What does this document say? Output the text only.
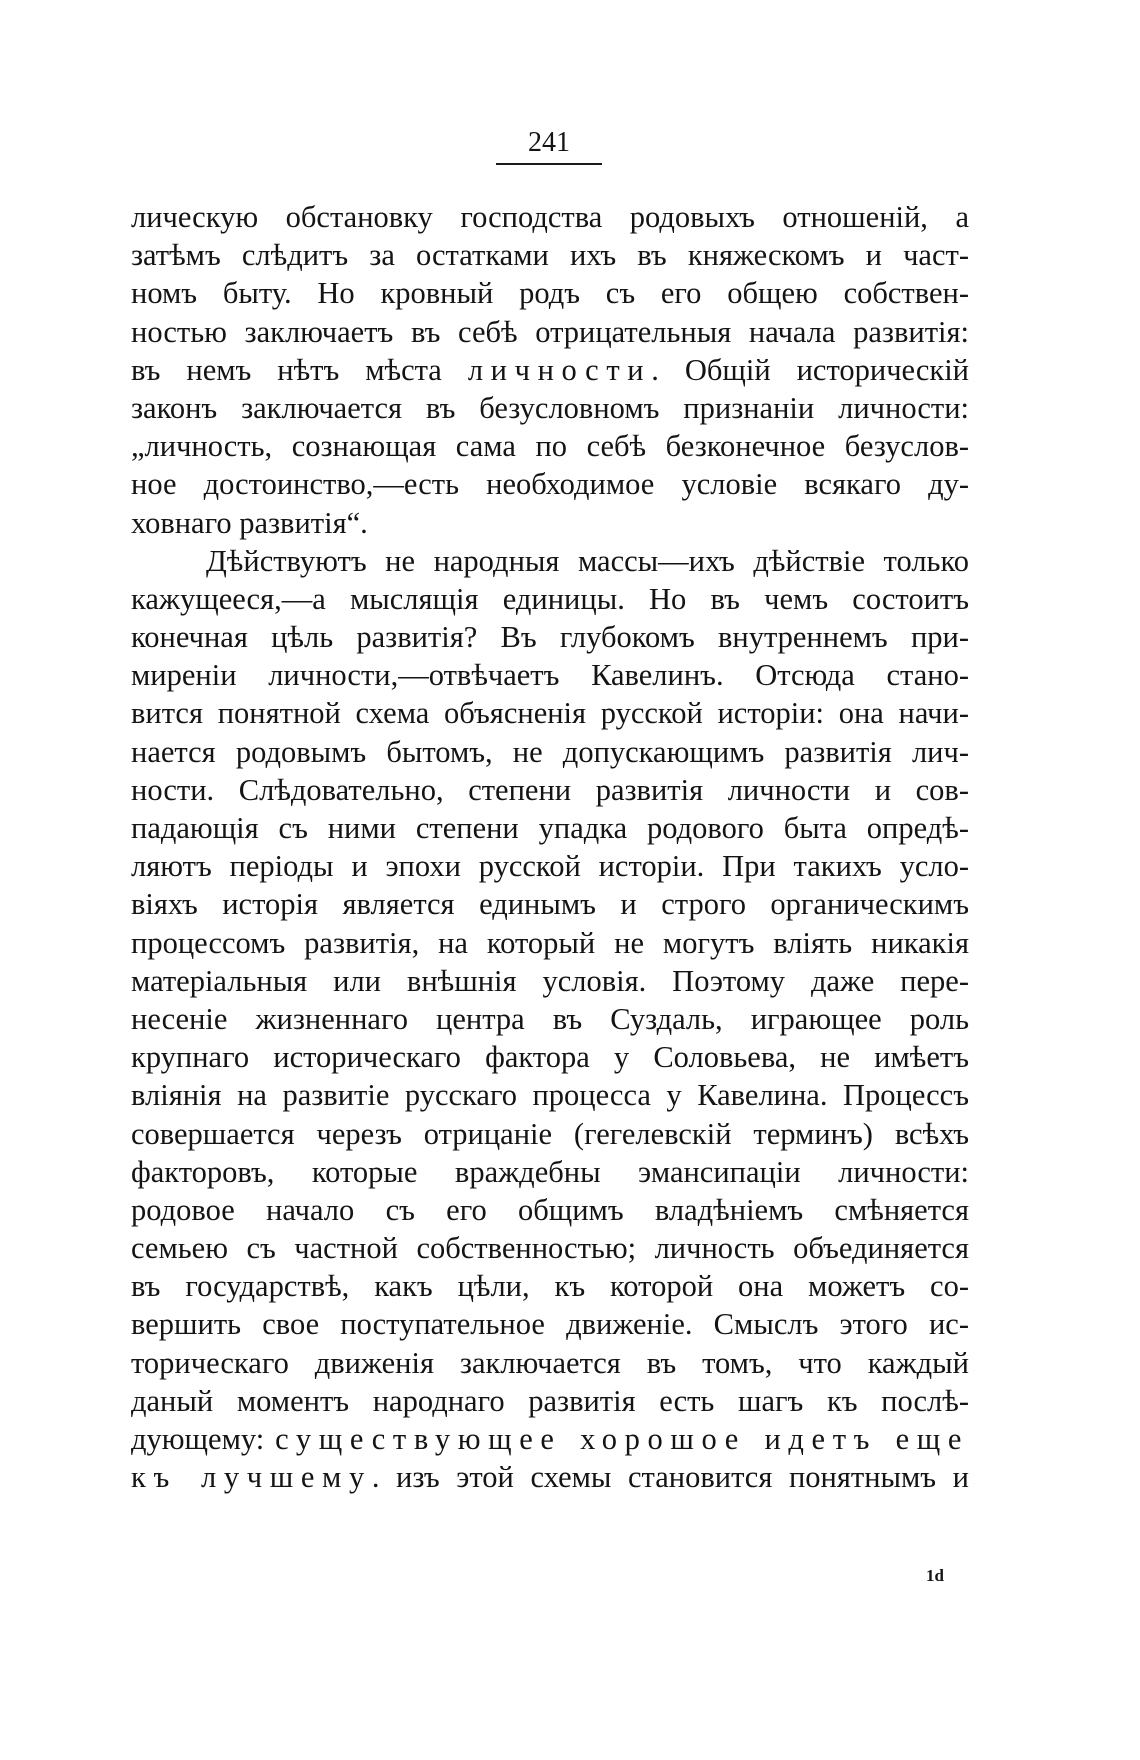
241
лическую обстановку господства родовыхъ отношеній, а
затѣмъ слѣдитъ за остатками ихъ въ княжескомъ и част-
номъ быту. Но кровный родъ съ его общею собствен-
ностью заключаетъ въ себѣ отрицательныя начала развитія:
въ немъ нѣтъ мѣста личности. Общій историческій
законъ заключается въ безусловномъ признаніи личности:
„личность, сознающая сама по себѣ безконечное безуслов-
ное достоинство,—есть необходимое условіе всякаго ду-
ховнаго развитія“.
Дѣйствуютъ не народныя массы—ихъ дѣйствіе только
кажущееся,—а мыслящія единицы. Но въ чемъ состоитъ
конечная цѣль развитія? Въ глубокомъ внутреннемъ при-
миреніи личности,—отвѣчаетъ Кавелинъ. Отсюда стано-
вится понятной схема объясненія русской исторіи: она начи-
нается родовымъ бытомъ, не допускающимъ развитія лич-
ности. Слѣдовательно, степени развитія личности и сов-
падающія съ ними степени упадка родового быта опредѣ-
ляютъ періоды и эпохи русской исторіи. При такихъ усло-
віяхъ исторія является единымъ и строго органическимъ
процессомъ развитія, на который не могутъ вліять никакія
матеріальныя или внѣшнія условія. Поэтому даже пере-
несеніе жизненнаго центра въ Суздаль, играющее роль
крупнаго историческаго фактора у Соловьева, не имѣетъ
вліянія на развитіе русскаго процесса у Кавелина. Процессъ
совершается черезъ отрицаніе (гегелевскій терминъ) всѣхъ
факторовъ, которые враждебны эмансипаціи личности:
родовое начало съ его общимъ владѣніемъ смѣняется
семьею съ частной собственностью; личность объединяется
въ государствѣ, какъ цѣли, къ которой она можетъ со-
вершить свое поступательное движеніе. Смыслъ этого ис-
торическаго движенія заключается въ томъ, что каждый
даный моментъ народнаго развитія есть шагъ къ послѣ-
дующему: существующее хорошое идетъ еще
къ лучшему. изъ этой схемы становится понятнымъ и
1d
